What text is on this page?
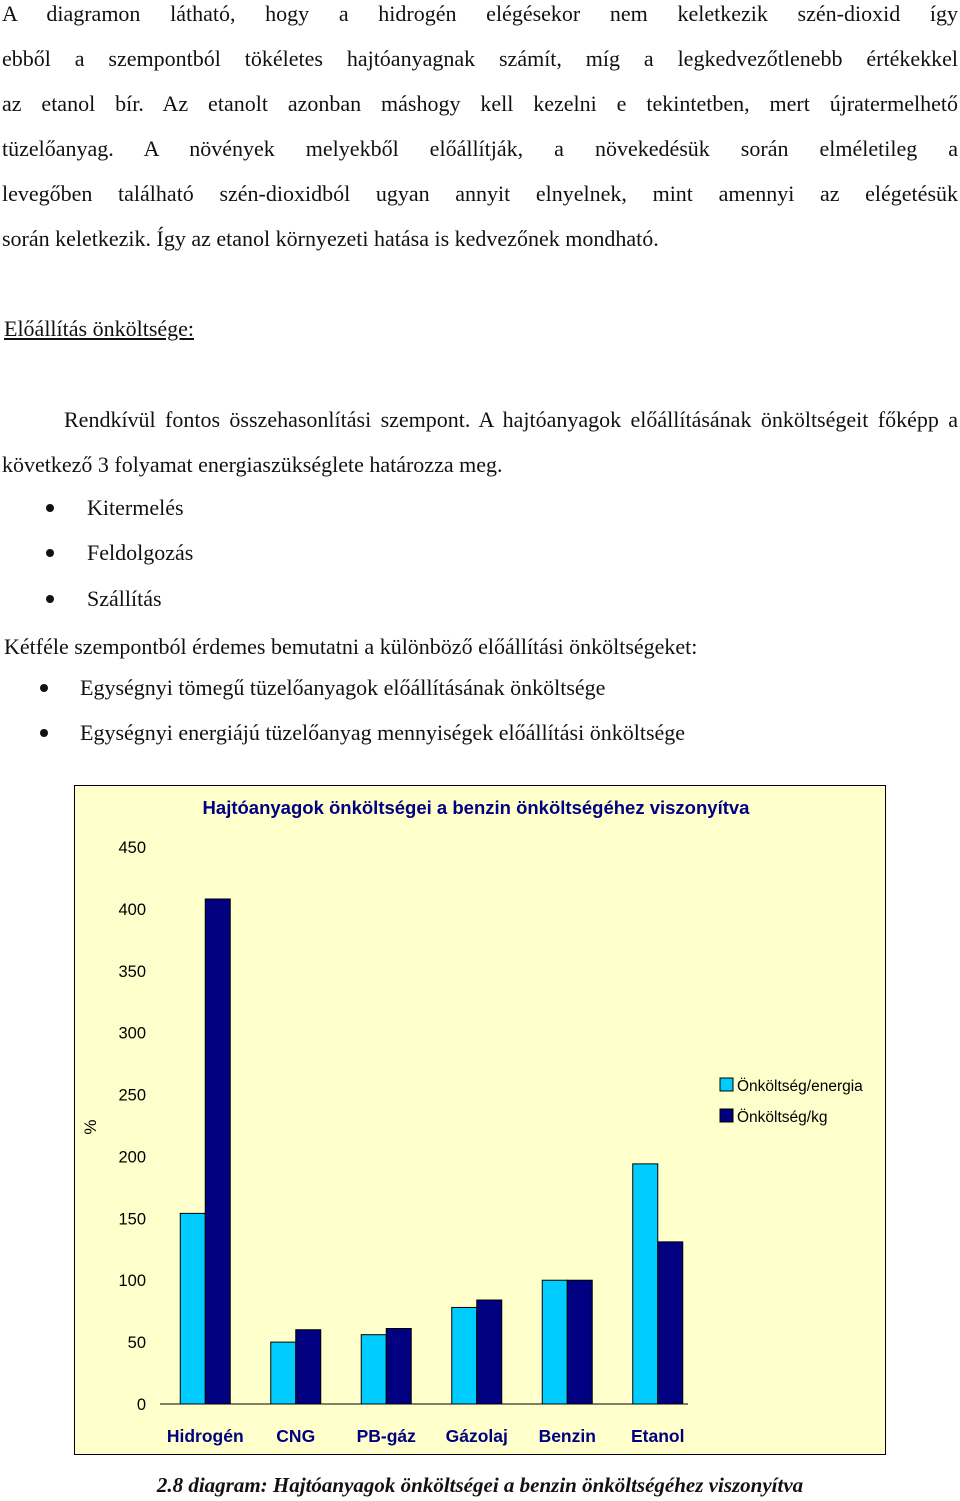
A diagramon látható, hogy a hidrogén elégésekor nem keletkezik szén-dioxid így
ebből a szempontból tökéletes hajtóanyagnak számít, míg a legkedvezőtlenebb értékekkel
az etanol bír. Az etanolt azonban máshogy kell kezelni e tekintetben, mert újratermelhető
tüzelőanyag. A növények melyekből előállítják, a növekedésük során elméletileg a
levegőben található szén-dioxidból ugyan annyit elnyelnek, mint amennyi az elégetésük
során keletkezik. Így az etanol környezeti hatása is kedvezőnek mondható.
Előállítás önköltsége:
Rendkívül fontos összehasonlítási szempont. A hajtóanyagok előállításának önköltségeit főképp a következő 3 folyamat energiaszükséglete határozza meg.
Kitermelés
Feldolgozás
Szállítás
Kétféle szempontból érdemes bemutatni a különböző előállítási önköltségeket:
Egységnyi tömegű tüzelőanyagok előállításának önköltsége
Egységnyi energiájú tüzelőanyag mennyiségek előállítási önköltsége
Hajtóanyagok önköltségei a benzin önköltségéhez viszonyítva
%
0
50
100
150
200
250
300
350
400
450
Hidrogén CNG PB-gáz Gázolaj Benzin Etanol
Önköltség/energia
Önköltség/kg
2.8 diagram: Hajtóanyagok önköltségei a benzin önköltségéhez viszonyítva
